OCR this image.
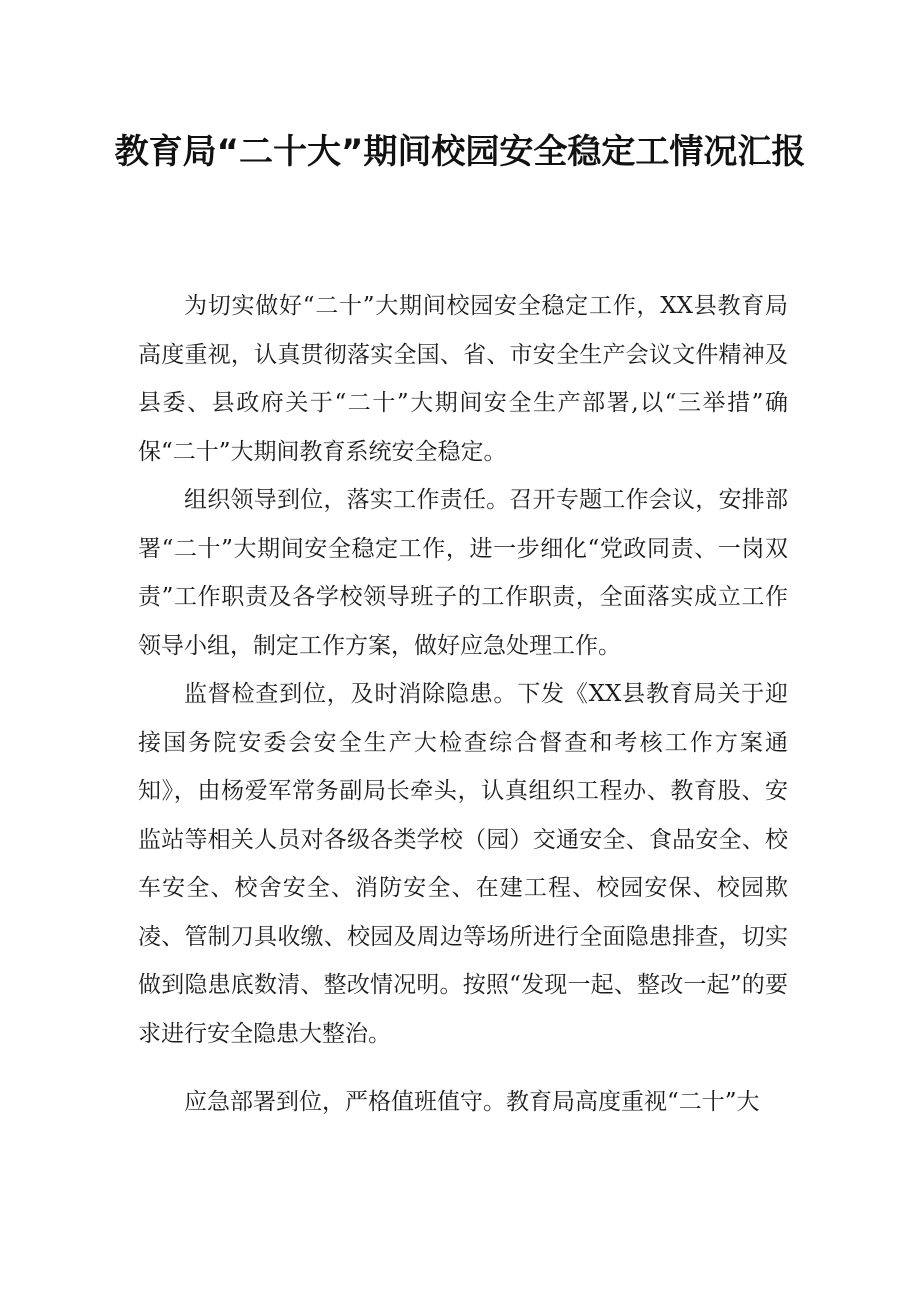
教育局“二十大”期间校园安全稳定工情况汇报

为切实做好“二十”大期间校园安全稳定工作，XX县教育局高度重视，认真贯彻落实全国、省、市安全生产会议文件精神及县委、县政府关于“二十”大期间安全生产部署,以“三举措”确保“二十”大期间教育系统安全稳定。

组织领导到位，落实工作责任。召开专题工作会议，安排部署“二十”大期间安全稳定工作，进一步细化“党政同责、一岗双责”工作职责及各学校领导班子的工作职责，全面落实成立工作领导小组，制定工作方案，做好应急处理工作。

监督检查到位，及时消除隐患。下发《XX县教育局关于迎接国务院安委会安全生产大检查综合督查和考核工作方案通知》，由杨爱军常务副局长牵头，认真组织工程办、教育股、安监站等相关人员对各级各类学校（园）交通安全、食品安全、校车安全、校舍安全、消防安全、在建工程、校园安保、校园欺凌、管制刀具收缴、校园及周边等场所进行全面隐患排查，切实做到隐患底数清、整改情况明。按照“发现一起、整改一起”的要求进行安全隐患大整治。

应急部署到位，严格值班值守。教育局高度重视“二十”大
